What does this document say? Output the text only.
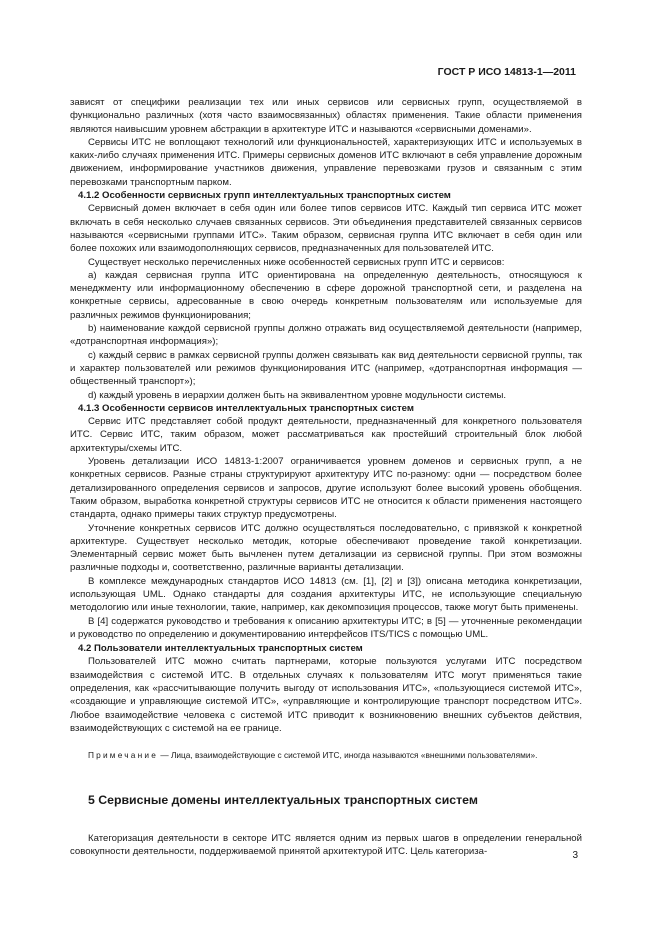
ГОСТ Р ИСО 14813-1—2011

зависят от специфики реализации тех или иных сервисов или сервисных групп, осуществляемой в функционально различных (хотя часто взаимосвязанных) областях применения. Такие области применения являются наивысшим уровнем абстракции в архитектуре ИТС и называются «сервисными доменами».

Сервисы ИТС не воплощают технологий или функциональностей, характеризующих ИТС и используемых в каких-либо случаях применения ИТС. Примеры сервисных доменов ИТС включают в себя управление дорожным движением, информирование участников движения, управление перевозками грузов и связанным с этим перевозками транспортным парком.

4.1.2 Особенности сервисных групп интеллектуальных транспортных систем

Сервисный домен включает в себя один или более типов сервисов ИТС. Каждый тип сервиса ИТС может включать в себя несколько случаев связанных сервисов. Эти объединения представителей связанных сервисов называются «сервисными группами ИТС». Таким образом, сервисная группа ИТС включает в себя один или более похожих или взаимодополняющих сервисов, предназначенных для пользователей ИТС.

Существует несколько перечисленных ниже особенностей сервисных групп ИТС и сервисов:

a) каждая сервисная группа ИТС ориентирована на определенную деятельность, относящуюся к менеджменту или информационному обеспечению в сфере дорожной транспортной сети, и разделена на конкретные сервисы, адресованные в свою очередь конкретным пользователям или используемые для различных режимов функционирования;

b) наименование каждой сервисной группы должно отражать вид осуществляемой деятельности (например, «дотранспортная информация»);

c) каждый сервис в рамках сервисной группы должен связывать как вид деятельности сервисной группы, так и характер пользователей или режимов функционирования ИТС (например, «дотранспортная информация — общественный транспорт»);

d) каждый уровень в иерархии должен быть на эквивалентном уровне модульности системы.

4.1.3 Особенности сервисов интеллектуальных транспортных систем

Сервис ИТС представляет собой продукт деятельности, предназначенный для конкретного пользователя ИТС. Сервис ИТС, таким образом, может рассматриваться как простейший строительный блок любой архитектуры/схемы ИТС.

Уровень детализации ИСО 14813-1:2007 ограничивается уровнем доменов и сервисных групп, а не конкретных сервисов. Разные страны структурируют архитектуру ИТС по-разному: одни — посредством более детализированного определения сервисов и запросов, другие используют более высокий уровень обобщения. Таким образом, выработка конкретной структуры сервисов ИТС не относится к области применения настоящего стандарта, однако примеры таких структур предусмотрены.

Уточнение конкретных сервисов ИТС должно осуществляться последовательно, с привязкой к конкретной архитектуре. Существует несколько методик, которые обеспечивают проведение такой конкретизации. Элементарный сервис может быть вычленен путем детализации из сервисной группы. При этом возможны различные подходы и, соответственно, различные варианты детализации.

В комплексе международных стандартов ИСО 14813 (см. [1], [2] и [3]) описана методика конкретизации, использующая UML. Однако стандарты для создания архитектуры ИТС, не использующие специальную методологию или иные технологии, такие, например, как декомпозиция процессов, также могут быть применены.

В [4] содержатся руководство и требования к описанию архитектуры ИТС; в [5] — уточненные рекомендации и руководство по определению и документированию интерфейсов ITS/TICS с помощью UML.

4.2 Пользователи интеллектуальных транспортных систем

Пользователей ИТС можно считать партнерами, которые пользуются услугами ИТС посредством взаимодействия с системой ИТС. В отдельных случаях к пользователям ИТС могут применяться такие определения, как «рассчитывающие получить выгоду от использования ИТС», «пользующиеся системой ИТС», «создающие и управляющие системой ИТС», «управляющие и контролирующие транспорт посредством ИТС». Любое взаимодействие человека с системой ИТС приводит к возникновению внешних субъектов действия, взаимодействующих с системой на ее границе.

Примечание — Лица, взаимодействующие с системой ИТС, иногда называются «внешними пользователями».

5 Сервисные домены интеллектуальных транспортных систем

Категоризация деятельности в секторе ИТС является одним из первых шагов в определении генеральной совокупности деятельности, поддерживаемой принятой архитектурой ИТС. Цель категориза-	3
